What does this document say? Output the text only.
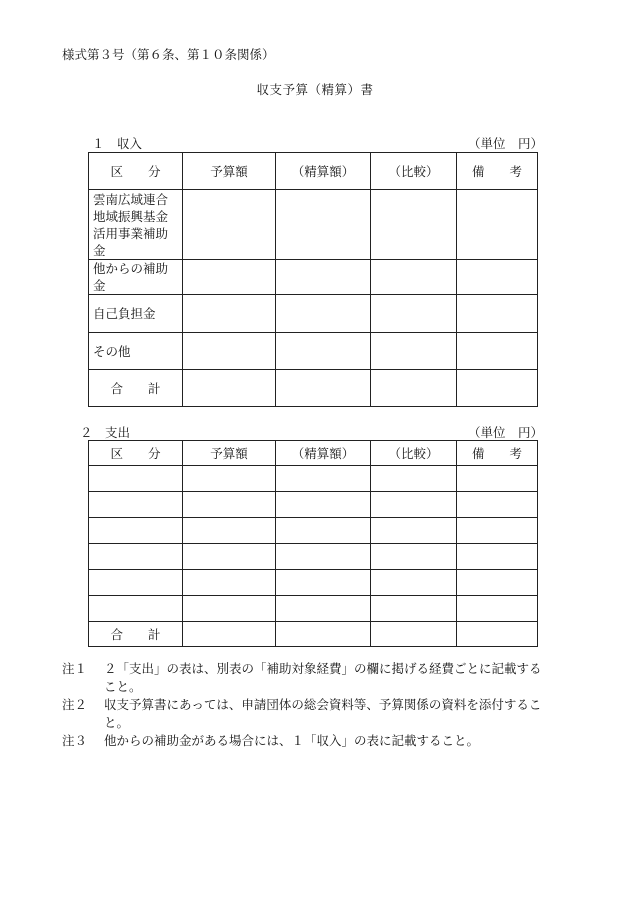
様式第３号（第６条、第１０条関係）
収支予算（精算）書
１　収入	（単位　円）
区　　分	予算額	（精算額）	（比較）	備　　考
雲南広域連合地域振興基金活用事業補助金				
他からの補助金				
自己負担金				
その他				
合　　計				
２　支出	（単位　円）
区　　分	予算額	（精算額）	（比較）	備　　考

合　　計				
注１	２「支出」の表は、別表の「補助対象経費」の欄に掲げる経費ごとに記載すること。
注２	収支予算書にあっては、申請団体の総会資料等、予算関係の資料を添付すること。
注３	他からの補助金がある場合には、１「収入」の表に記載すること。
